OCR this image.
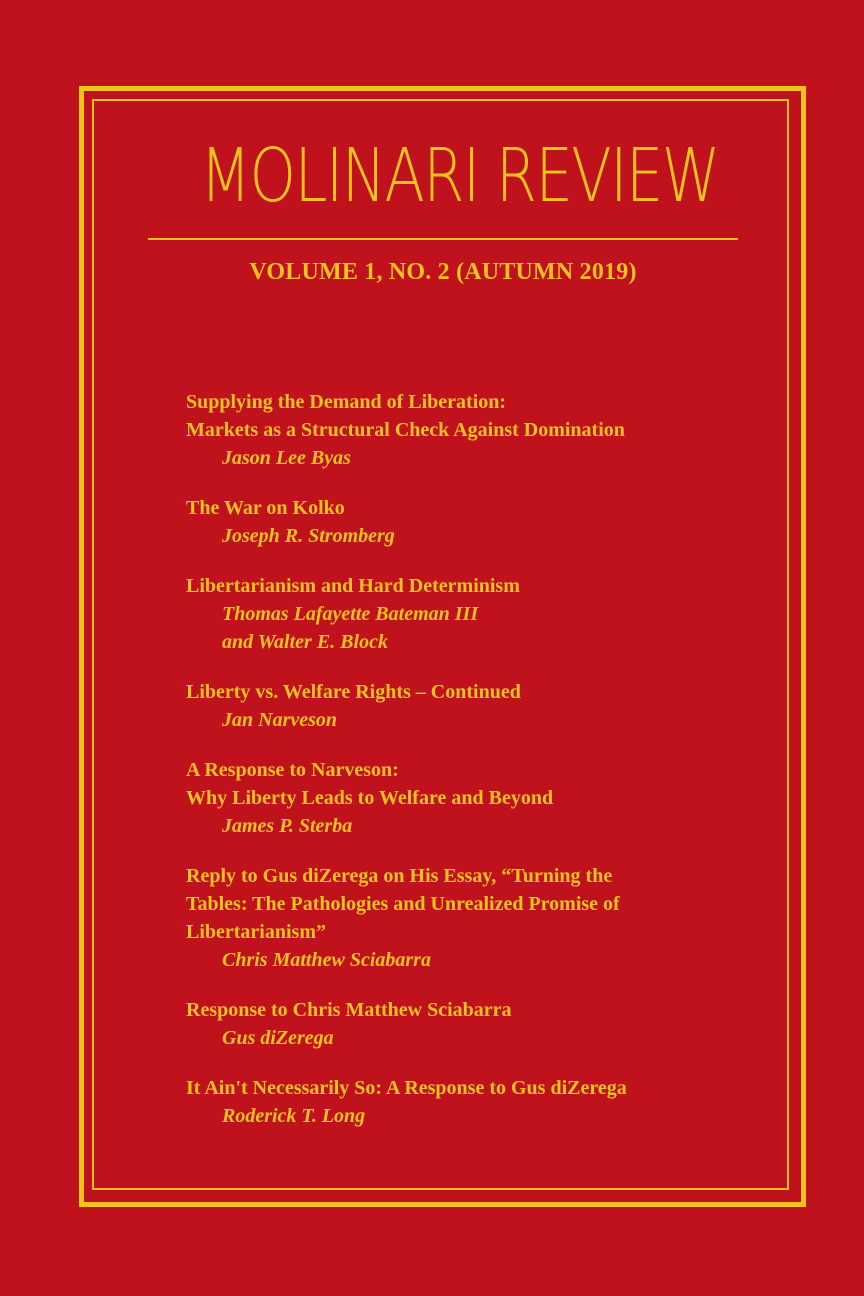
MOLINARI REVIEW
VOLUME 1, NO. 2 (AUTUMN 2019)
Supplying the Demand of Liberation:
Markets as a Structural Check Against Domination
Jason Lee Byas
The War on Kolko
Joseph R. Stromberg
Libertarianism and Hard Determinism
Thomas Lafayette Bateman III
and Walter E. Block
Liberty vs. Welfare Rights – Continued
Jan Narveson
A Response to Narveson:
Why Liberty Leads to Welfare and Beyond
James P. Sterba
Reply to Gus diZerega on His Essay, “Turning the
Tables: The Pathologies and Unrealized Promise of
Libertarianism”
Chris Matthew Sciabarra
Response to Chris Matthew Sciabarra
Gus diZerega
It Ain't Necessarily So: A Response to Gus diZerega
Roderick T. Long
